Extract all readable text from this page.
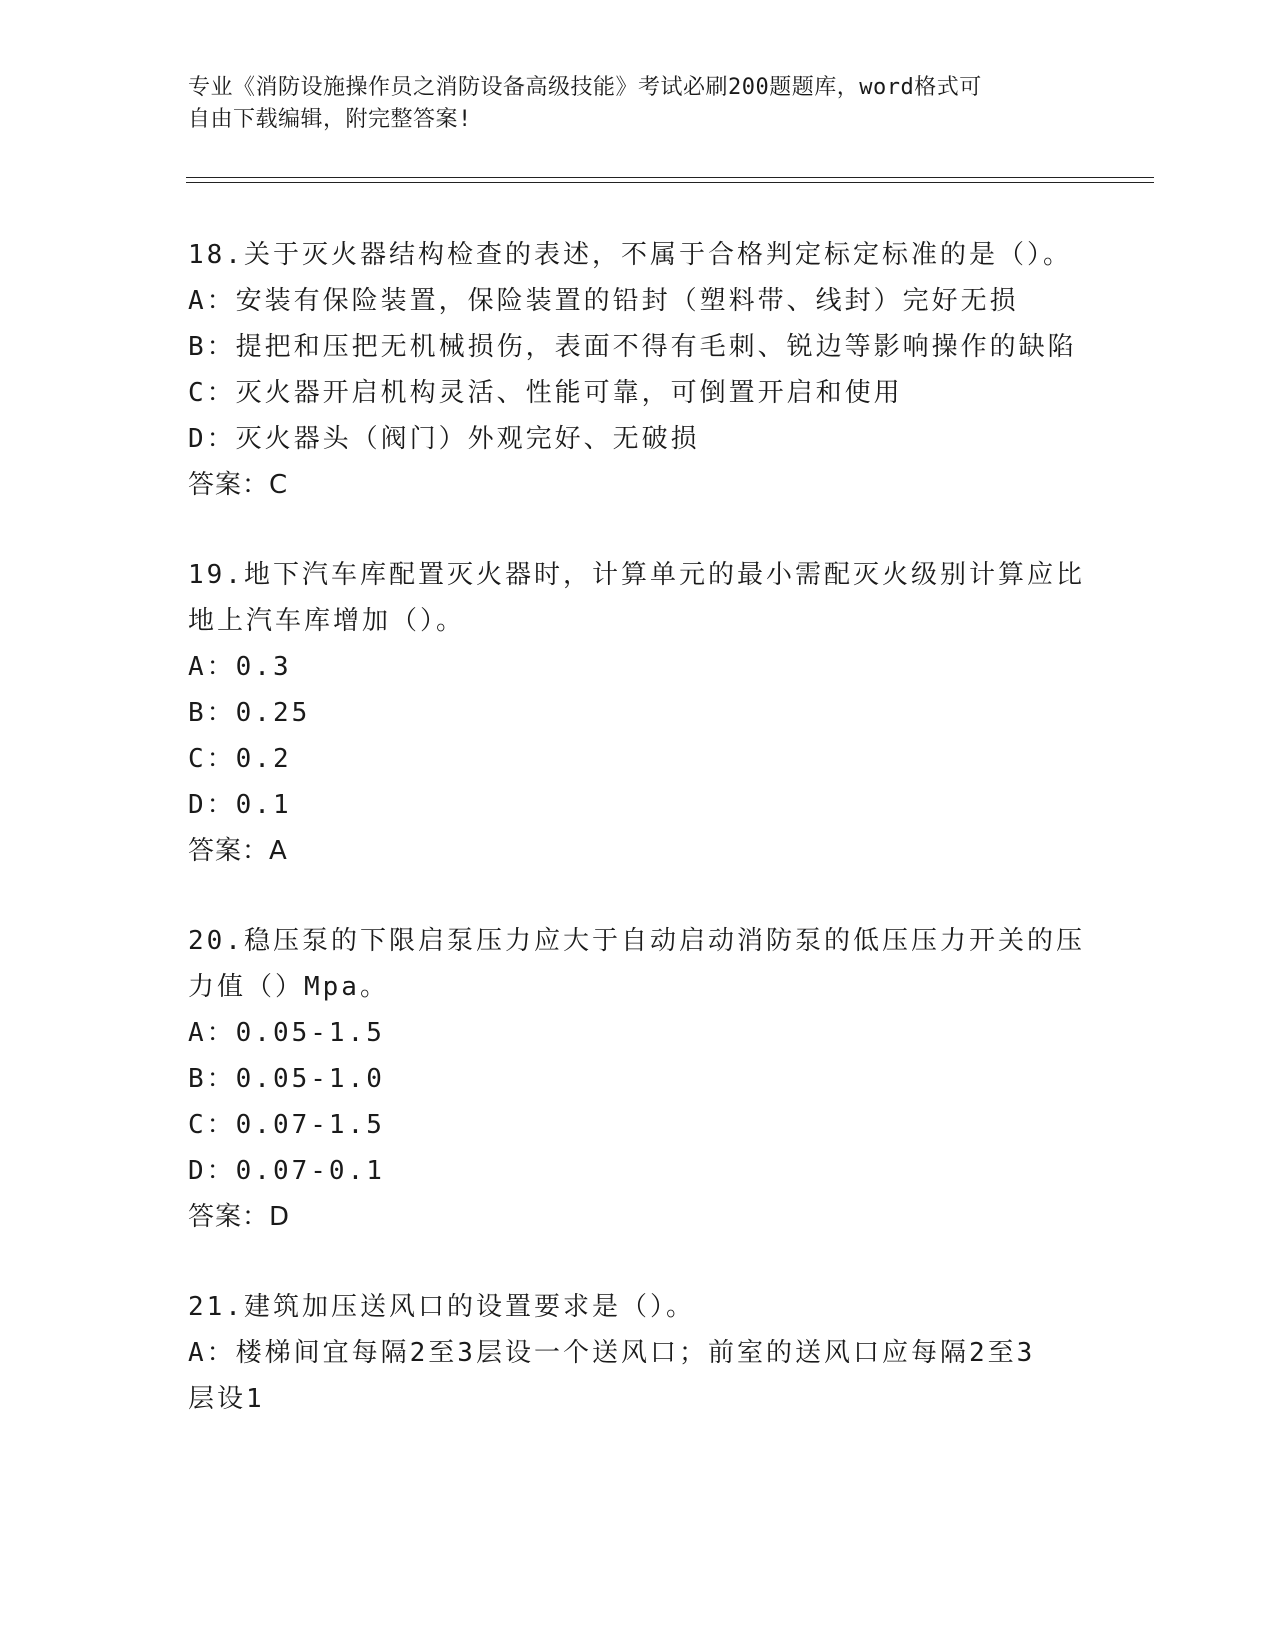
专业《消防设施操作员之消防设备高级技能》考试必刷200题题库，word格式可
自由下载编辑，附完整答案!
18.关于灭火器结构检查的表述，不属于合格判定标定标准的是（）。
A：安装有保险装置，保险装置的铅封（塑料带、线封）完好无损
B：提把和压把无机械损伤，表面不得有毛刺、锐边等影响操作的缺陷
C：灭火器开启机构灵活、性能可靠，可倒置开启和使用
D：灭火器头（阀门）外观完好、无破损
答案：C
19.地下汽车库配置灭火器时，计算单元的最小需配灭火级别计算应比
地上汽车库增加（）。
A：0.3
B：0.25
C：0.2
D：0.1
答案：A
20.稳压泵的下限启泵压力应大于自动启动消防泵的低压压力开关的压
力值（）Mpa。
A：0.05-1.5
B：0.05-1.0
C：0.07-1.5
D：0.07-0.1
答案：D
21.建筑加压送风口的设置要求是（）。
A：楼梯间宜每隔2至3层设一个送风口；前室的送风口应每隔2至3
层设1
